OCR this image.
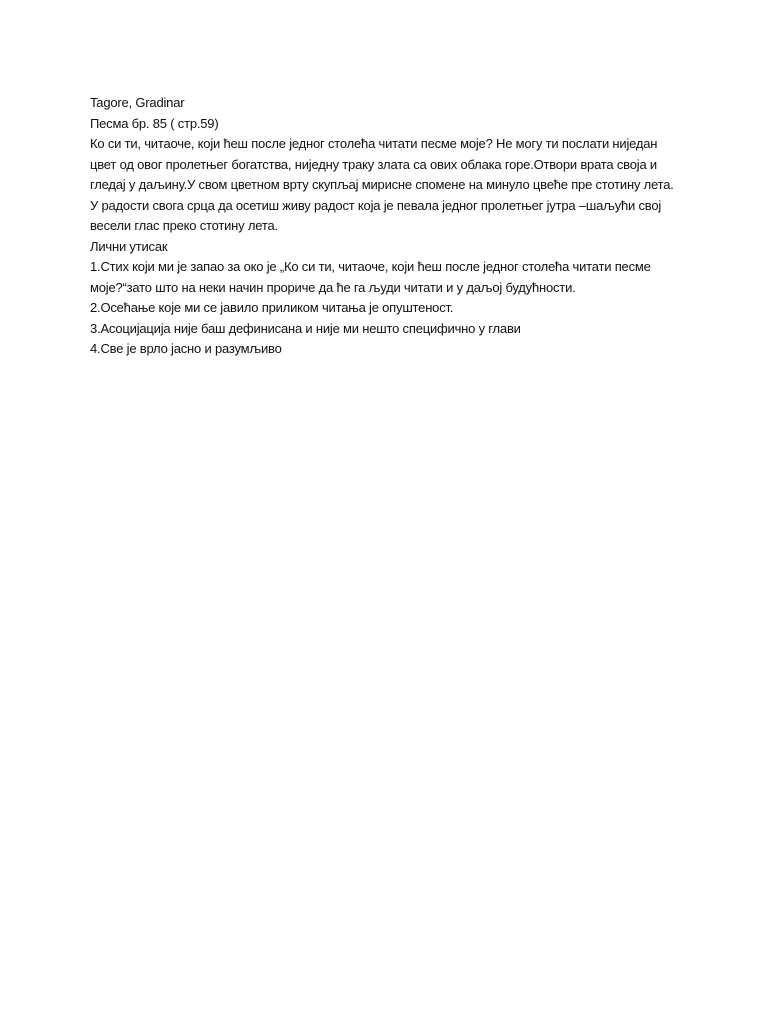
Tagore, Gradinar

Песма бр. 85 ( стр.59)

Ко си ти, читаоче, који ћеш после једног столећа читати песме моје? Не могу ти послати ниједан цвет од овог пролетњег богатства, ниједну траку злата са ових облака горе.Отвори врата своја и гледај у даљину.У свом цветном врту скупљај мирисне спомене на минуло цвеће пре стотину лета. У радости свога срца да осетиш живу радост која је певала једног пролетњег јутра –шаљући свој весели глас преко стотину лета.

Лични утисак

1.Стих који ми је запао за око је „Ко си ти, читаоче, који ћеш после једног столећа читати песме моје?“зато што на неки начин прориче да ће га људи читати и у даљој будућности.

2.Осећање које ми се јавило приликом читања је опуштеност.

3.Асоцијација није баш дефинисана и није ми нешто специфично у глави

4.Све је врло јасно и разумљиво
